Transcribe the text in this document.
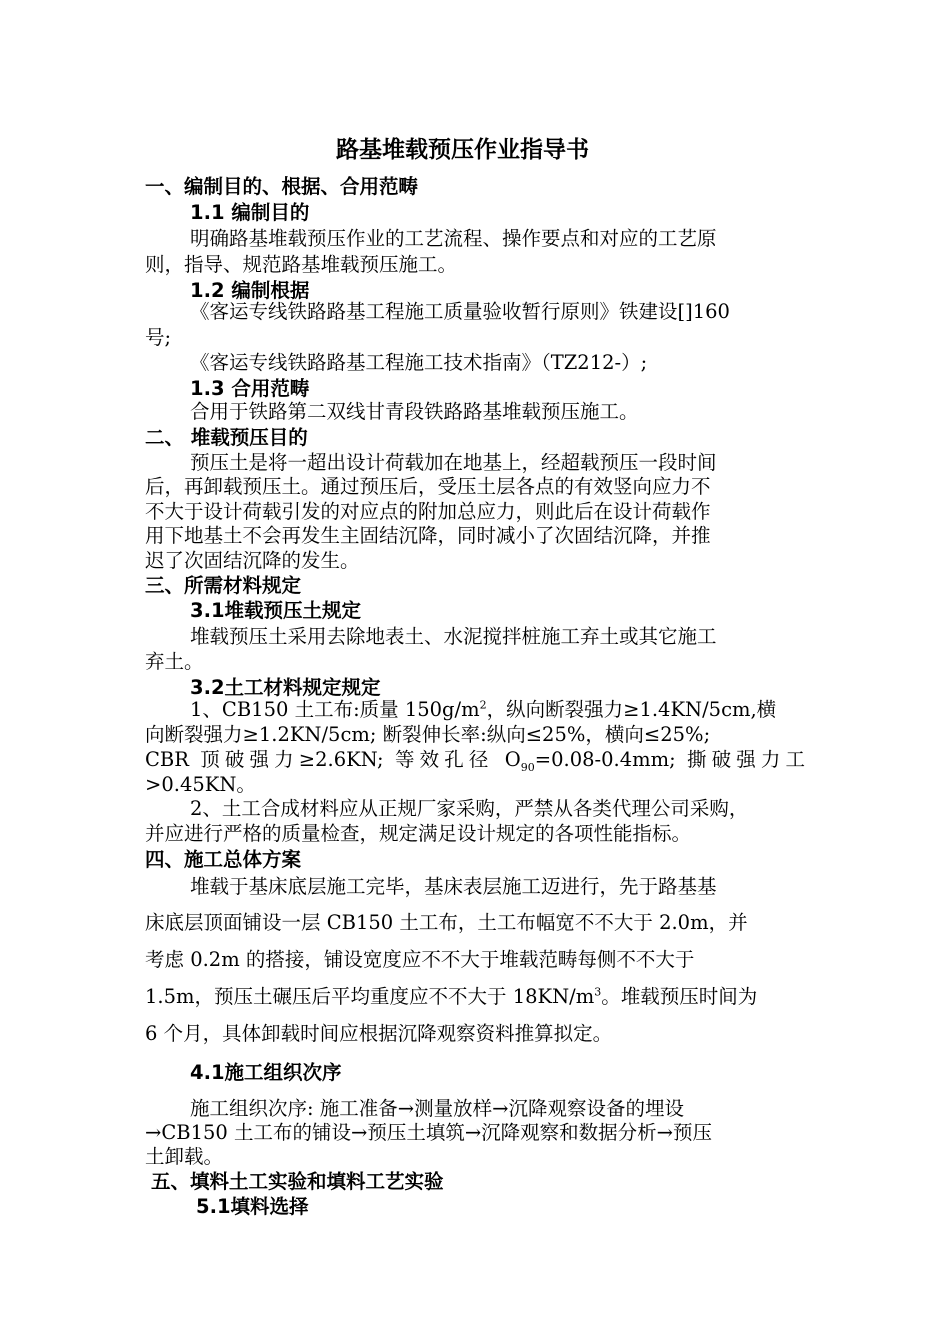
路基堆载预压作业指导书
一、编制目的、根据、合用范畴
1.1 编制目的
明确路基堆载预压作业的工艺流程、操作要点和对应的工艺原
则，指导、规范路基堆载预压施工。
1.2 编制根据
《客运专线铁路路基工程施工质量验收暂行原则》铁建设[]160
号;
《客运专线铁路路基工程施工技术指南》（TZ212-）;
1.3 合用范畴
合用于铁路第二双线甘青段铁路路基堆载预压施工。
二、 堆载预压目的
预压土是将一超出设计荷载加在地基上，经超载预压一段时间
后，再卸载预压土。通过预压后，受压土层各点的有效竖向应力不
不大于设计荷载引发的对应点的附加总应力，则此后在设计荷载作
用下地基土不会再发生主固结沉降，同时减小了次固结沉降，并推
迟了次固结沉降的发生。
三、所需材料规定
3.1堆载预压土规定
堆载预压土采用去除地表土、水泥搅拌桩施工弃土或其它施工
弃土。
3.2土工材料规定规定
1、CB150 土工布:质量 $150g/m^2$，纵向断裂强力≥1.4KN/5cm,横
向断裂强力≥1.2KN/5cm; 断裂伸长率:纵向≤25%，横向≤25%;
CBR 顶破强力≥2.6KN; 等效孔径 $O_{90}=0.08-0.4mm$; 撕破强力工
>0.45KN。
2、土工合成材料应从正规厂家采购，严禁从各类代理公司采购，
并应进行严格的质量检查，规定满足设计规定的各项性能指标。
四、施工总体方案
堆载于基床底层施工完毕，基床表层施工迈进行，先于路基基
床底层顶面铺设一层 CB150 土工布，土工布幅宽不不大于 2.0m，并
考虑 0.2m 的搭接，铺设宽度应不不大于堆载范畴每侧不不大于
1.5m，预压土碾压后平均重度应不不大于 $18KN/m^3$。堆载预压时间为
6 个月，具体卸载时间应根据沉降观察资料推算拟定。
4.1施工组织次序
施工组织次序: 施工准备→测量放样→沉降观察设备的埋设
→CB150 土工布的铺设→预压土填筑→沉降观察和数据分析→预压
土卸载。
五、填料土工实验和填料工艺实验
5.1填料选择
